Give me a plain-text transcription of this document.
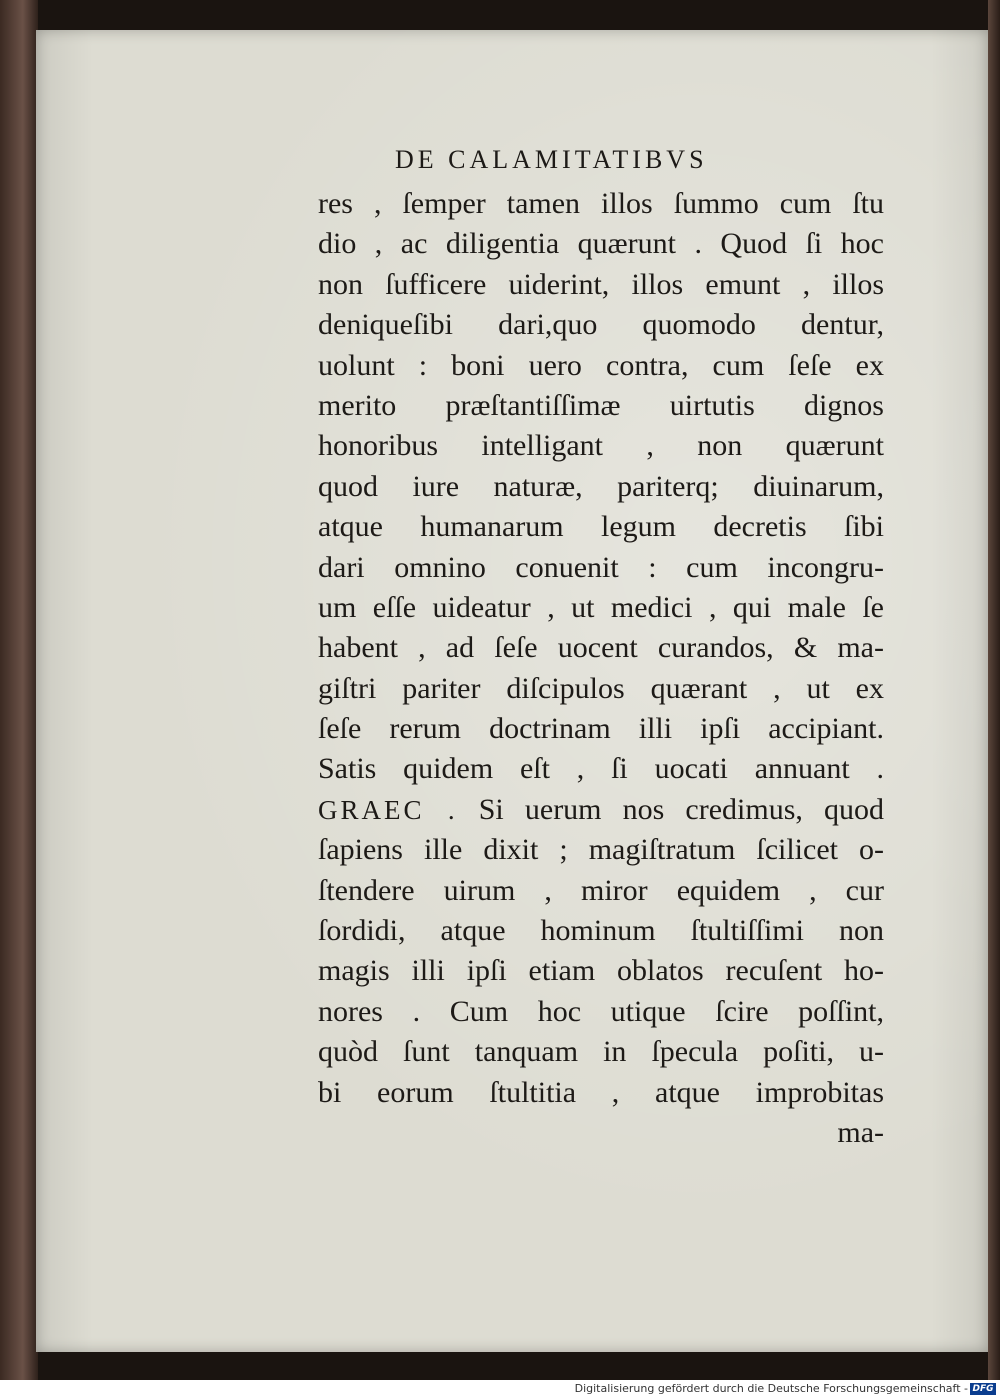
DE CALAMITATIBVS
res , ſemper tamen illos ſummo cum ſtu
dio , ac diligentia quærunt . Quod ſi hoc
non ſufficere uiderint, illos emunt , illos
deniqueſibi dari,quo quomodo dentur,
uolunt : boni uero contra, cum ſeſe ex
merito præſtantiſſimæ uirtutis dignos
honoribus intelligant , non quærunt
quod iure naturæ, pariterq; diuinarum,
atque humanarum legum decretis ſibi
dari omnino conuenit : cum incongru-
um eſſe uideatur , ut medici , qui male ſe
habent , ad ſeſe uocent curandos, & ma-
giſtri pariter diſcipulos quærant , ut ex
ſeſe rerum doctrinam illi ipſi accipiant.
Satis quidem eſt , ſi uocati annuant .
GRAEC . Si uerum nos credimus, quod
ſapiens ille dixit ; magiſtratum ſcilicet o-
ſtendere uirum , miror equidem , cur
ſordidi, atque hominum ſtultiſſimi non
magis illi ipſi etiam oblatos recuſent ho-
nores . Cum hoc utique ſcire poſſint,
quòd ſunt tanquam in ſpecula poſiti, u-
bi eorum ſtultitia , atque improbitas
ma-
Digitalisierung gefördert durch die Deutsche Forschungsgemeinschaft - DFG
